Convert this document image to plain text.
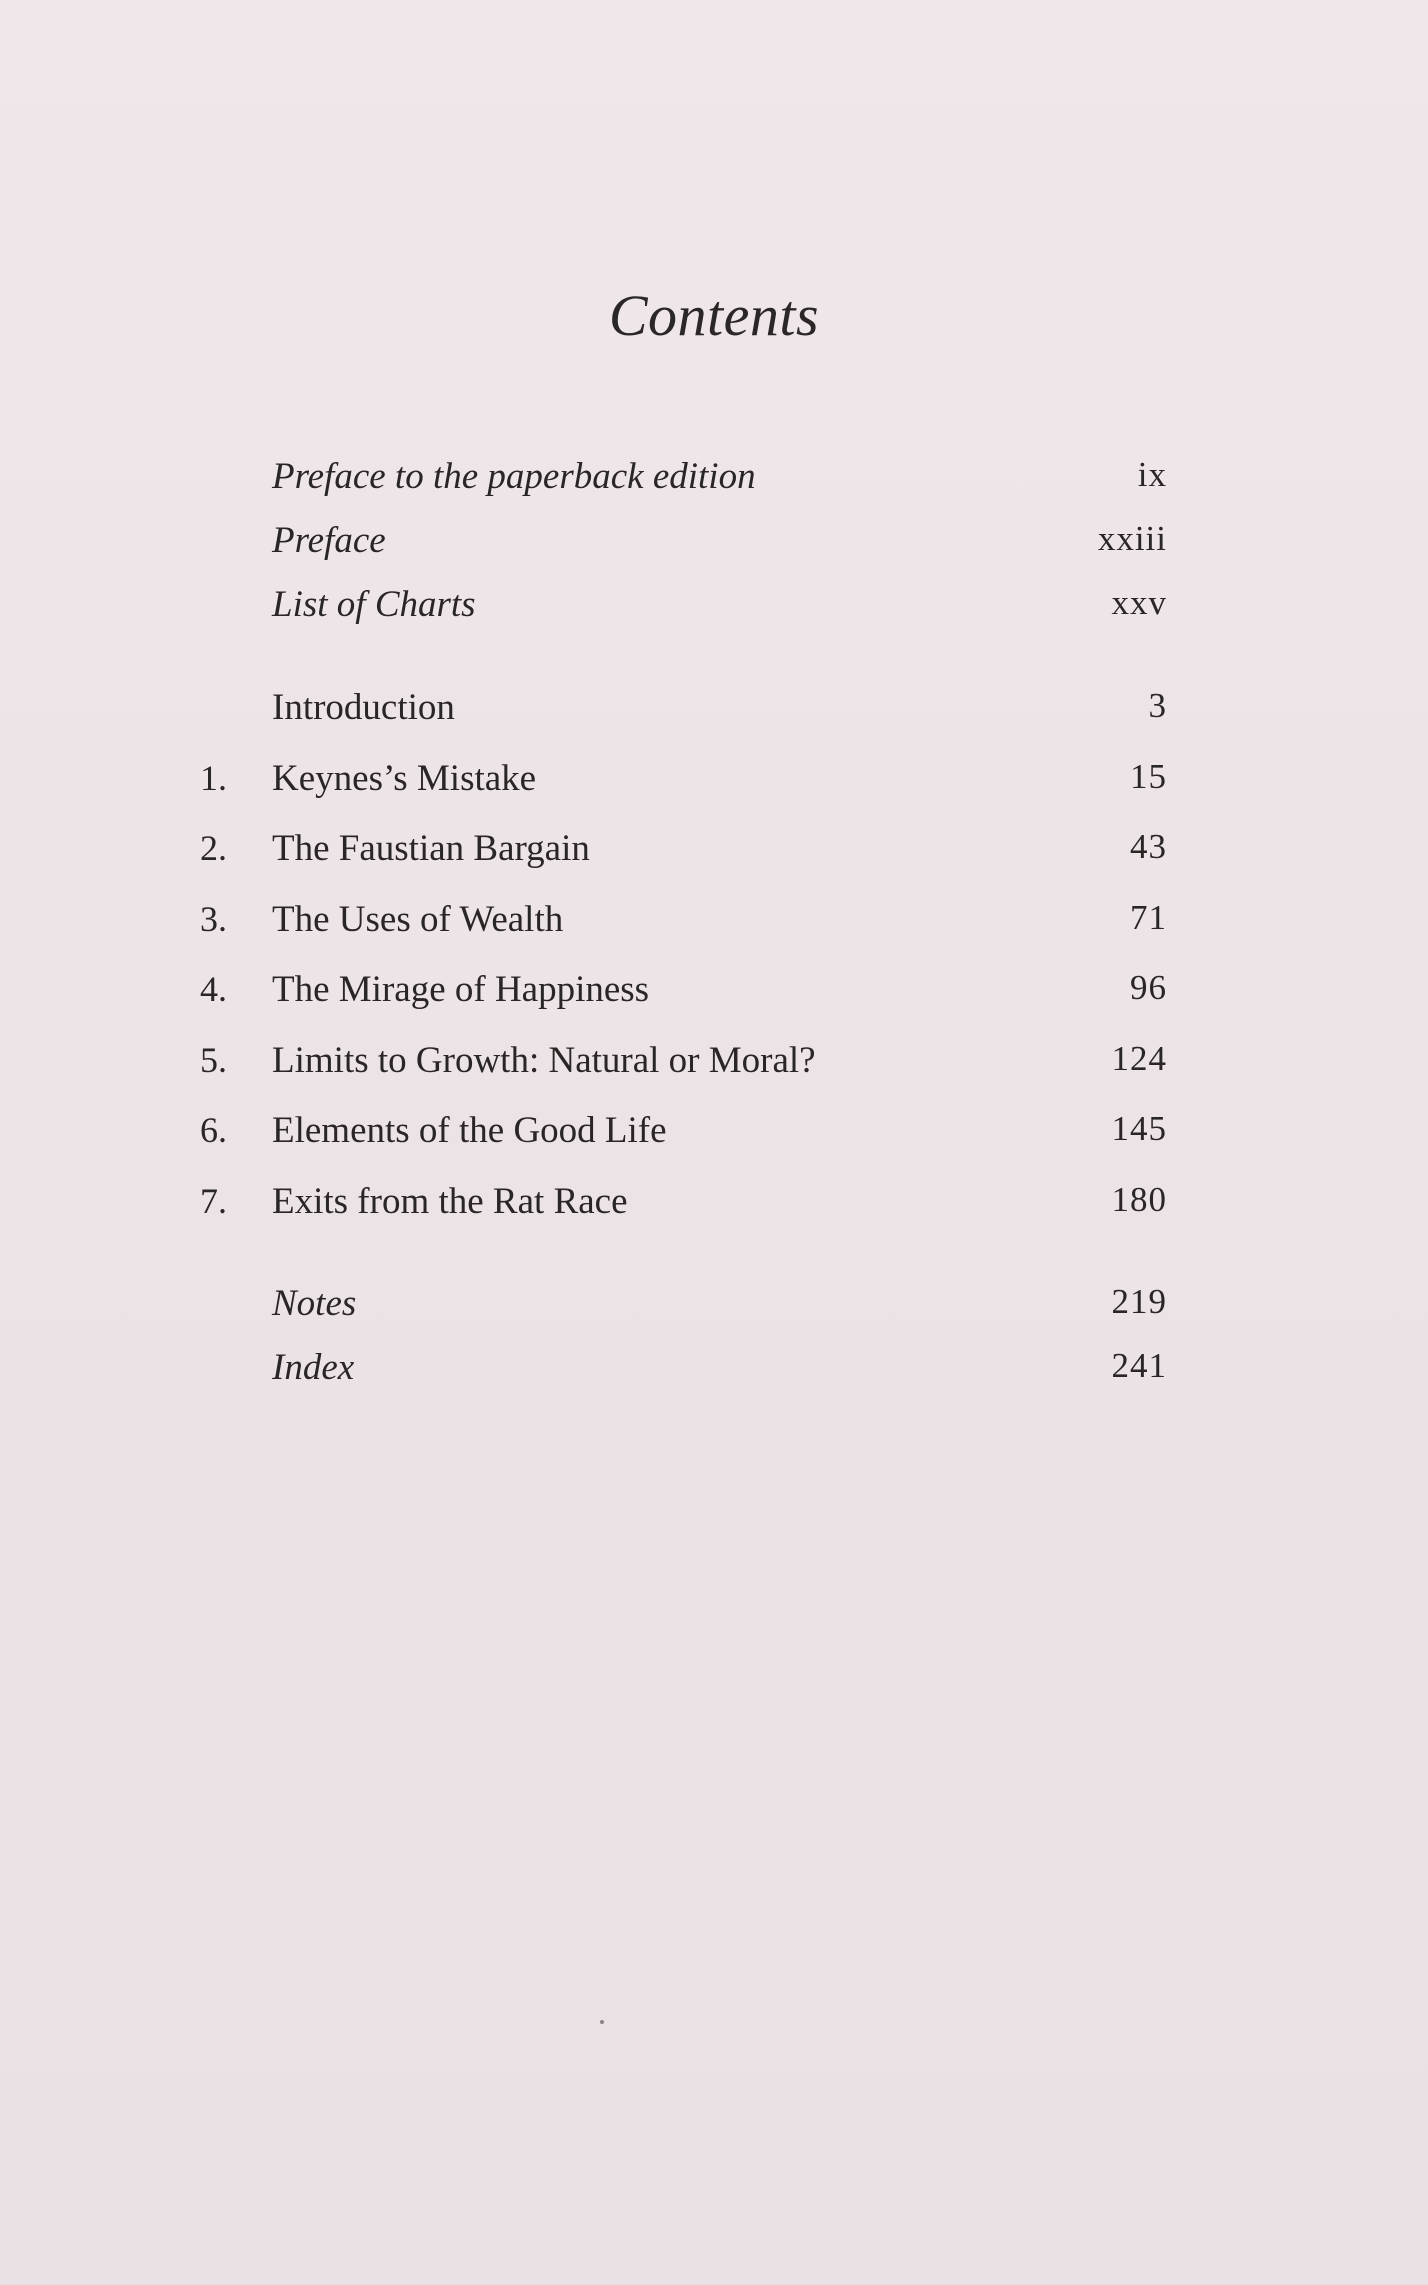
Contents
Preface to the paperback edition	ix
Preface	xxiii
List of Charts	xxv
Introduction	3
1.	Keynes’s Mistake	15
2.	The Faustian Bargain	43
3.	The Uses of Wealth	71
4.	The Mirage of Happiness	96
5.	Limits to Growth: Natural or Moral?	124
6.	Elements of the Good Life	145
7.	Exits from the Rat Race	180
Notes	219
Index	241
